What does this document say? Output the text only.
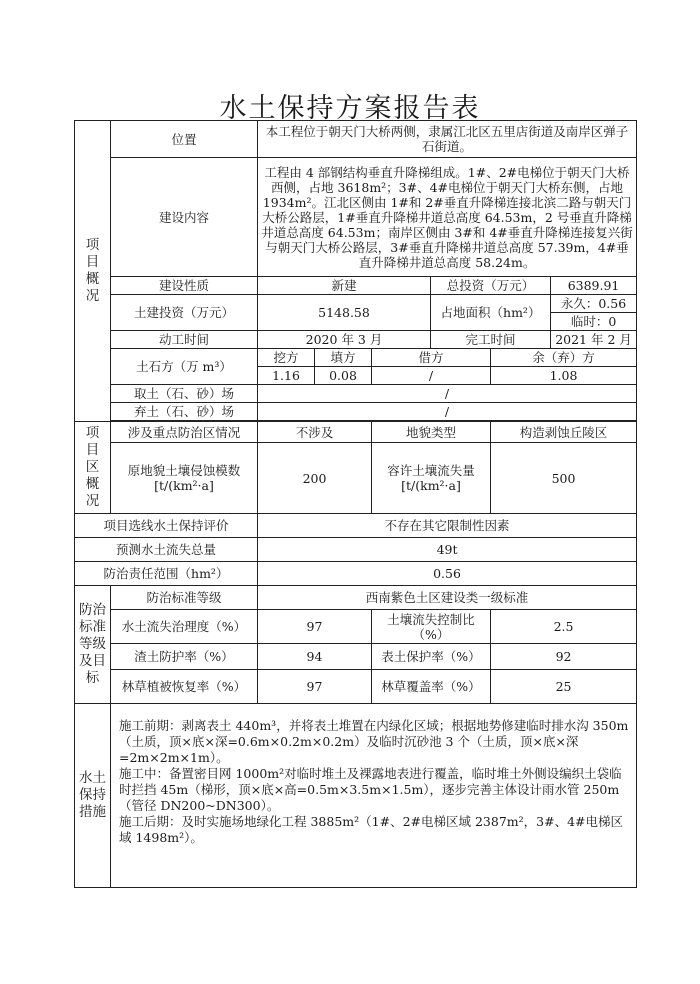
水土保持方案报告表
项目概况	位置	本工程位于朝天门大桥两侧，隶属江北区五里店街道及南岸区弹子石街道。					
	建设内容	工程由 4 部钢结构垂直升降梯组成。1#、2#电梯位于朝天门大桥西侧，占地 3618m²；3#、4#电梯位于朝天门大桥东侧，占地 1934m²。江北区侧由 1#和 2#垂直升降梯连接北滨二路与朝天门大桥公路层，1#垂直升降梯井道总高度 64.53m，2 号垂直升降梯井道总高度 64.53m；南岸区侧由 3#和 4#垂直升降梯连接复兴街与朝天门大桥公路层，3#垂直升降梯井道总高度 57.39m，4#垂直升降梯井道总高度 58.24m。					
	建设性质	新建			总投资（万元）		6389.91
	土建投资（万元）	5148.58			占地面积（hm²）		永久：0.56
							临时：0
	动工时间	2020 年 3 月			完工时间		2021 年 2 月
	土石方（万 m³）	挖方	填方	借方		余（弃）方	
		1.16	0.08	/		1.08	
	取土（石、砂）场	/					
	弃土（石、砂）场	/					

项目区概况	涉及重点防治区情况	不涉及		地貌类型		构造剥蚀丘陵区	
	原地貌土壤侵蚀模数 [t/(km²·a]	200		容许土壤流失量 [t/(km²·a]		500	
项目选线水土保持评价		不存在其它限制性因素					
预测水土流失总量		49t					
防治责任范围（hm²）		0.56					

防治标准等级及目标	防治标准等级	西南紫色土区建设类一级标准					
	水土流失治理度（%）	97		土壤流失控制比（%）		2.5	
	渣土防护率（%）	94		表土保护率（%）		92	
	林草植被恢复率（%）	97		林草覆盖率（%）		25	

水土保持措施	施工前期：剥离表土 440m³，并将表土堆置在内绿化区域；根据地势修建临时排水沟 350m（土质，顶×底×深=0.6m×0.2m×0.2m）及临时沉砂池 3 个（土质，顶×底×深=2m×2m×1m）。

施工中：备置密目网 1000m²对临时堆土及裸露地表进行覆盖，临时堆土外侧设编织土袋临时拦挡 45m（梯形，顶×底×高=0.5m×3.5m×1.5m），逐步完善主体设计雨水管 250m（管径 DN200~DN300）。

施工后期：及时实施场地绿化工程 3885m²（1#、2#电梯区域 2387m²，3#、4#电梯区域 1498m²）。						
